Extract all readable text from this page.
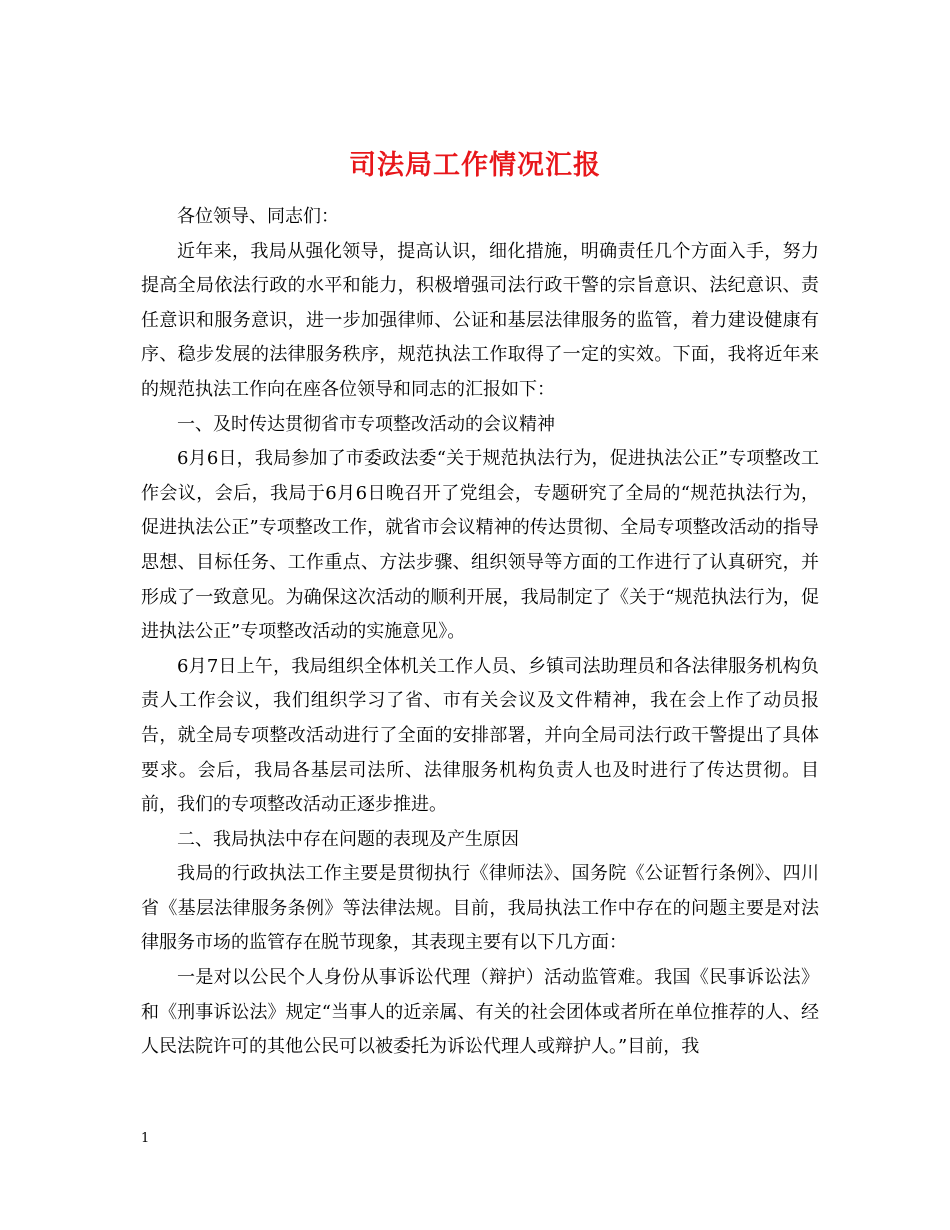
司法局工作情况汇报

各位领导、同志们：

近年来，我局从强化领导，提高认识，细化措施，明确责任几个方面入手，努力提高全局依法行政的水平和能力，积极增强司法行政干警的宗旨意识、法纪意识、责任意识和服务意识，进一步加强律师、公证和基层法律服务的监管，着力建设健康有序、稳步发展的法律服务秩序，规范执法工作取得了一定的实效。下面，我将近年来的规范执法工作向在座各位领导和同志的汇报如下：

一、及时传达贯彻省市专项整改活动的会议精神

6月6日，我局参加了市委政法委“关于规范执法行为，促进执法公正”专项整改工作会议，会后，我局于6月6日晚召开了党组会，专题研究了全局的“规范执法行为，促进执法公正”专项整改工作，就省市会议精神的传达贯彻、全局专项整改活动的指导思想、目标任务、工作重点、方法步骤、组织领导等方面的工作进行了认真研究，并形成了一致意见。为确保这次活动的顺利开展，我局制定了《关于“规范执法行为，促进执法公正”专项整改活动的实施意见》。

6月7日上午，我局组织全体机关工作人员、乡镇司法助理员和各法律服务机构负责人工作会议，我们组织学习了省、市有关会议及文件精神，我在会上作了动员报告，就全局专项整改活动进行了全面的安排部署，并向全局司法行政干警提出了具体要求。会后，我局各基层司法所、法律服务机构负责人也及时进行了传达贯彻。目前，我们的专项整改活动正逐步推进。

二、我局执法中存在问题的表现及产生原因

我局的行政执法工作主要是贯彻执行《律师法》、国务院《公证暂行条例》、四川省《基层法律服务条例》等法律法规。目前，我局执法工作中存在的问题主要是对法律服务市场的监管存在脱节现象，其表现主要有以下几方面：

一是对以公民个人身份从事诉讼代理（辩护）活动监管难。我国《民事诉讼法》和《刑事诉讼法》规定“当事人的近亲属、有关的社会团体或者所在单位推荐的人、经人民法院许可的其他公民可以被委托为诉讼代理人或辩护人。”目前，我

1
